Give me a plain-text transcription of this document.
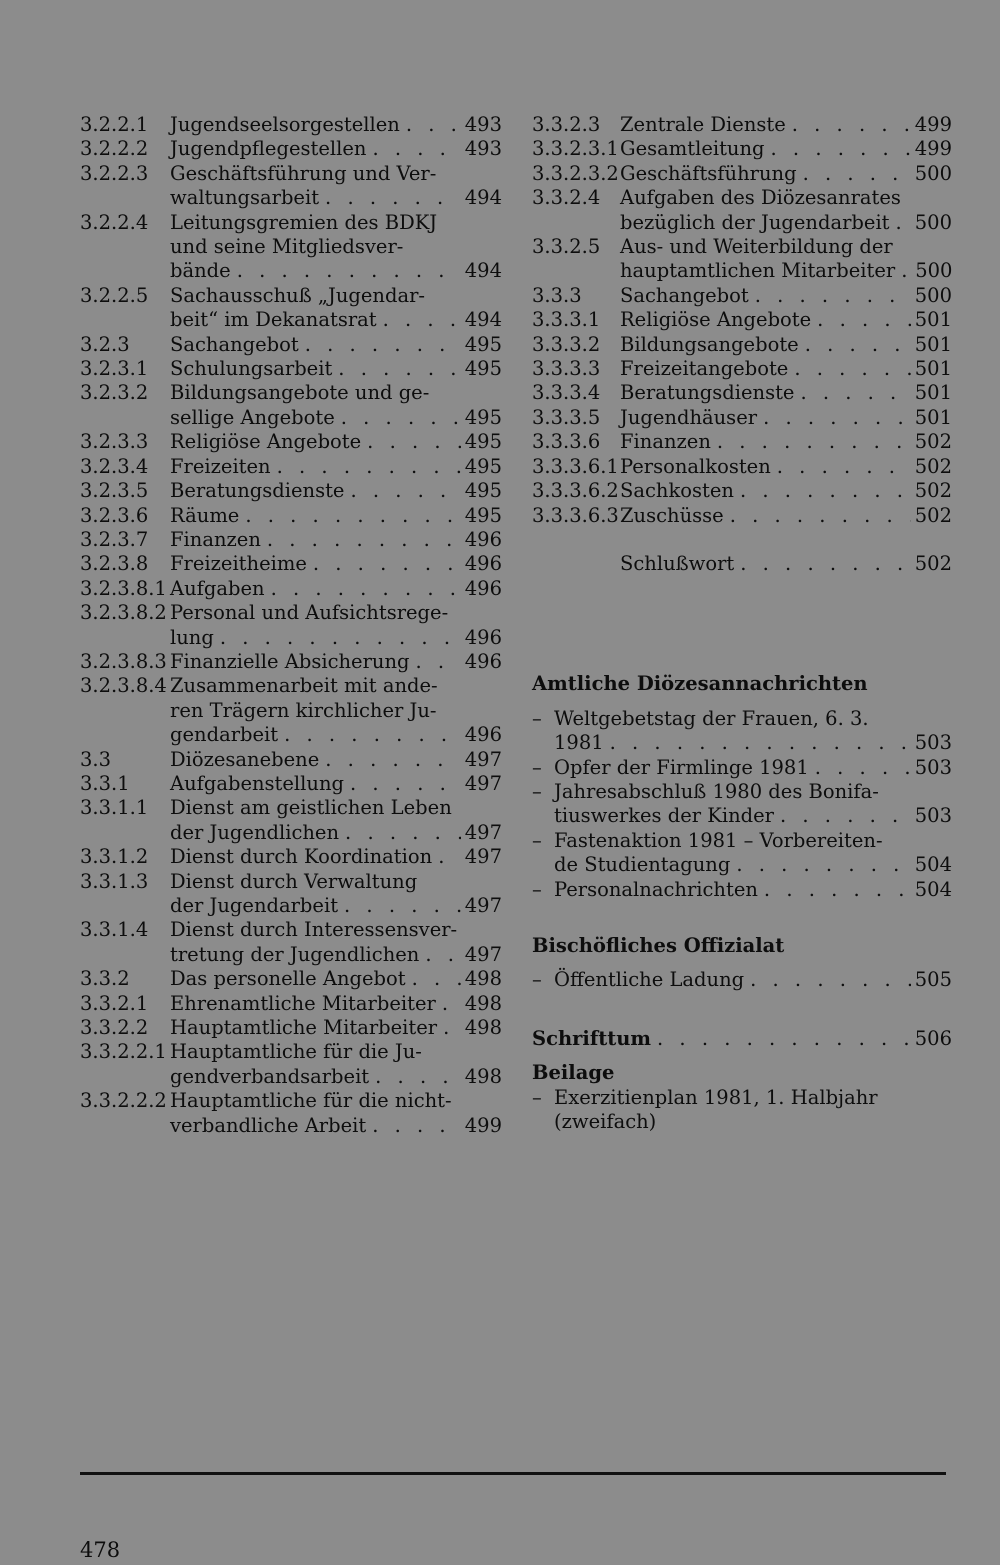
3.2.2.1	Jugendseelsorgestellen . . .	493
3.2.2.2	Jugendpflegestellen . . .	493
3.2.2.3	Geschäftsführung und Ver-
waltungsarbeit . . .	494
3.2.2.4	Leitungsgremien des BDKJ
und seine Mitgliedsver-
bände . . .	494
3.2.2.5	Sachausschuß „Jugendar-
beit“ im Dekanatsrat . . .	494
3.2.3	Sachangebot . . .	495
3.2.3.1	Schulungsarbeit . . .	495
3.2.3.2	Bildungsangebote und ge-
sellige Angebote . . .	495
3.2.3.3	Religiöse Angebote . . .	495
3.2.3.4	Freizeiten . . .	495
3.2.3.5	Beratungsdienste . . .	495
3.2.3.6	Räume . . .	495
3.2.3.7	Finanzen . . .	496
3.2.3.8	Freizeitheime . . .	496
3.2.3.8.1 Aufgaben . . .	496
3.2.3.8.2 Personal und Aufsichtsrege-
lung . . .	496
3.2.3.8.3 Finanzielle Absicherung . . .	496
3.2.3.8.4 Zusammenarbeit mit ande-
ren Trägern kirchlicher Ju-
gendarbeit . . .	496
3.3	Diözesanebene . . .	497
3.3.1	Aufgabenstellung . . .	497
3.3.1.1	Dienst am geistlichen Leben
der Jugendlichen . . .	497
3.3.1.2	Dienst durch Koordination . . . 497
3.3.1.3	Dienst durch Verwaltung
der Jugendarbeit . . .	497
3.3.1.4	Dienst durch Interessensver-
tretung der Jugendlichen . . . 497
3.3.2	Das personelle Angebot . . .	498
3.3.2.1	Ehrenamtliche Mitarbeiter . . . 498
3.3.2.2	Hauptamtliche Mitarbeiter . . . 498
3.3.2.2.1 Hauptamtliche für die Ju-
gendverbandsarbeit . . .	498
3.3.2.2.2 Hauptamtliche für die nicht-
verbandliche Arbeit . . .	499
3.3.2.3	Zentrale Dienste . . .	499
3.3.2.3.1 Gesamtleitung . . .	499
3.3.2.3.2 Geschäftsführung . . .	500
3.3.2.4	Aufgaben des Diözesanrates
bezüglich der Jugendarbeit . . . 500
3.3.2.5	Aus- und Weiterbildung der
hauptamtlichen Mitarbeiter . . . 500
3.3.3	Sachangebot . . .	500
3.3.3.1	Religiöse Angebote . . .	501
3.3.3.2	Bildungsangebote . . .	501
3.3.3.3	Freizeitangebote . . .	501
3.3.3.4	Beratungsdienste . . .	501
3.3.3.5	Jugendhäuser . . .	501
3.3.3.6	Finanzen . . .	502
3.3.3.6.1 Personalkosten . . .	502
3.3.3.6.2 Sachkosten . . .	502
3.3.3.6.3 Zuschüsse . . .	502
Schlußwort . . .	502
Amtliche Diözesannachrichten
– Weltgebetstag der Frauen, 6. 3.
1981 . . .	503
– Opfer der Firmlinge 1981 . . .	503
– Jahresabschluß 1980 des Bonifa-
tiuswerkes der Kinder . . .	503
– Fastenaktion 1981 – Vorbereiten-
de Studientagung . . .	504
– Personalnachrichten . . .	504
Bischöfliches Offizialat
– Öffentliche Ladung . . .	505
Schrifttum . . .	506
Beilage
– Exerzitienplan 1981, 1. Halbjahr
(zweifach)
478
